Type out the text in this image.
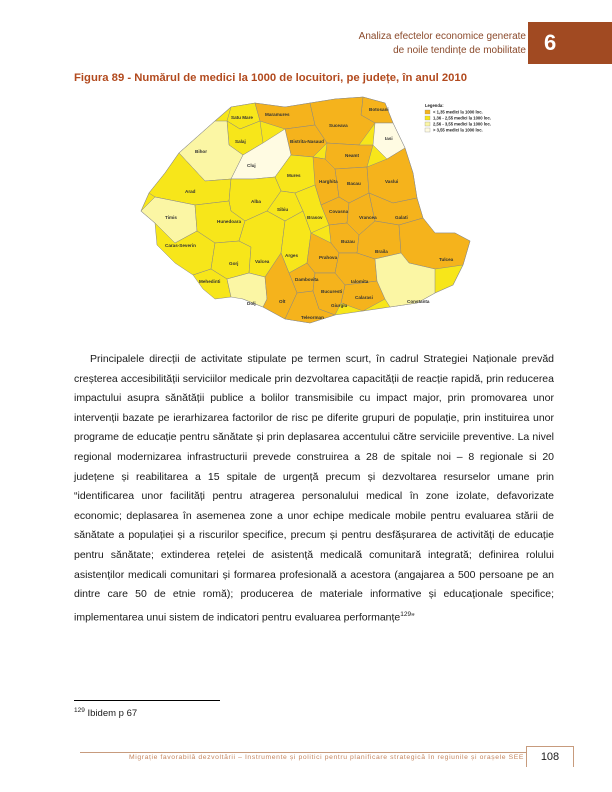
Analiza efectelor economice generate
de noile tendințe de mobilitate 6
Figura 89 - Numărul de medici la 1000 de locuitori, pe județe, în anul 2010
Botosani
Satu Mare
Maramures
Suceava
Salaj	Bistrita-Nasaud
Iasi
Bihor
Cluj
Neamt
Mures
Harghita Bacau	Vaslui
Arad
Alba
Sibiu	Covasna
Timis
Hunedoara
Brasov	Vrancea	Galati
Caras-Severin
Buzau
Braila
Tulcea
Gorj	Valcea
Arges	Prahova
Mehedinti	Dambovita	Ialomita
Dolj	Olt
Bucuresti
Calarasi
Constanta
Giurgiu
Teleorman
Legenda:
< 1,35 medici la 1000 loc.
1,36 - 2,55 medici la 1000 loc.
2,56 - 3,55 medici la 1000 loc.
> 3,55 medici la 1000 loc.

Principalele direcții de activitate stipulate pe termen scurt, în cadrul Strategiei Naționale prevăd creșterea accesibilității serviciilor medicale prin dezvoltarea capacității de reacție rapidă, prin reducerea impactului asupra sănătății publice a bolilor transmisibile cu impact major, prin promovarea unor intervenții bazate pe ierarhizarea factorilor de risc pe diferite grupuri de populație, prin instituirea unor programe de educație pentru sănătate și prin deplasarea accentului către serviciile preventive. La nivel regional modernizarea infrastructurii prevede construirea a 28 de spitale noi – 8 regionale si 20 județene și reabilitarea a 15 spitale de urgență precum și dezvoltarea resurselor umane prin “identificarea unor facilități pentru atragerea personalului medical în zone izolate, defavorizate economic; deplasarea în asemenea zone a unor echipe medicale mobile pentru evaluarea stării de sănătate a populației și a riscurilor specifice, precum și pentru desfășurarea de activități de educație pentru sănătate; extinderea rețelei de asistență medicală comunitară integrată; definirea rolului asistenților medicali comunitari și formarea profesională a acestora (angajarea a 500 persoane pe an dintre care 50 de etnie romă); producerea de materiale informative și educaționale specifice; implementarea unui sistem de indicatori pentru evaluarea performanțe$^{129}$”

$^{129}$ Ibidem p 67
Migrație favorabilă dezvoltării – Instrumente și politici pentru planificare strategică în regiunile și orașele SEE	108
